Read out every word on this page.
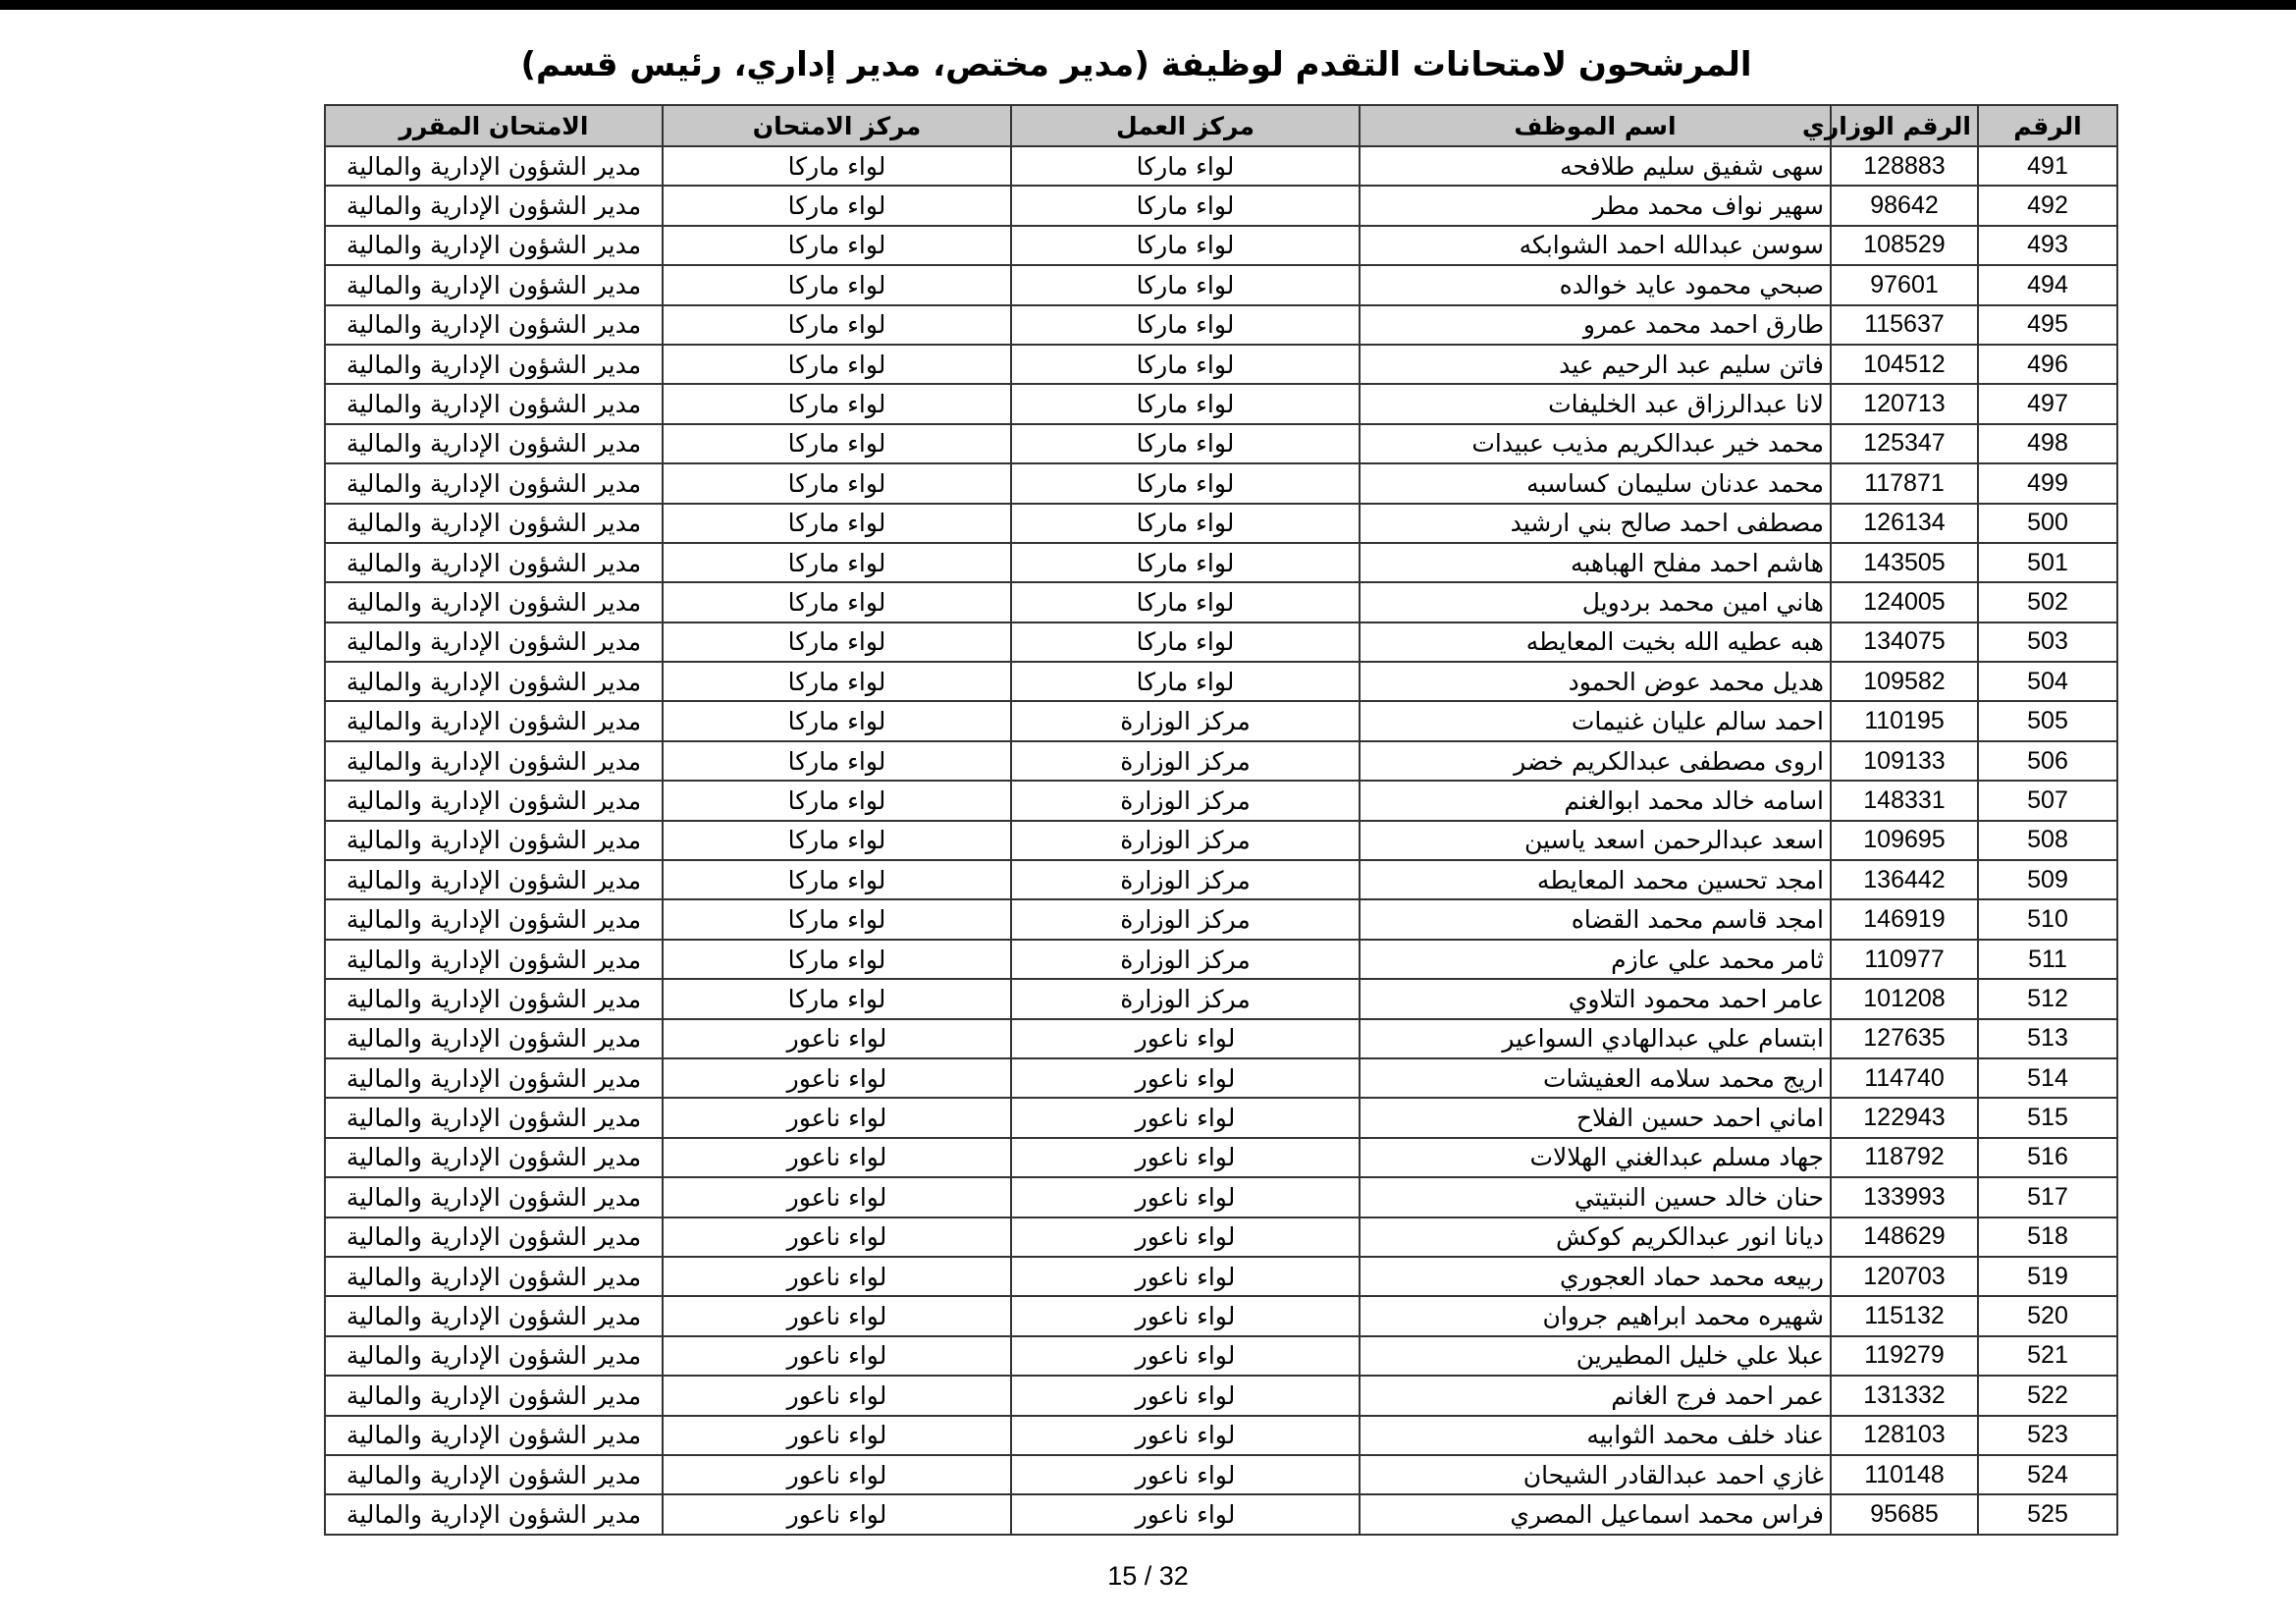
المرشحون لامتحانات التقدم لوظيفة (مدير مختص، مدير إداري، رئيس قسم)
الرقم	الرقم الوزاري	اسم الموظف	مركز العمل	مركز الامتحان	الامتحان المقرر
491	128883	سهى شفيق سليم طلافحه	لواء ماركا	لواء ماركا	مدير الشؤون الإدارية والمالية
492	98642	سهير نواف محمد مطر	لواء ماركا	لواء ماركا	مدير الشؤون الإدارية والمالية
493	108529	سوسن عبدالله احمد الشوابكه	لواء ماركا	لواء ماركا	مدير الشؤون الإدارية والمالية
494	97601	صبحي محمود عايد خوالده	لواء ماركا	لواء ماركا	مدير الشؤون الإدارية والمالية
495	115637	طارق احمد محمد عمرو	لواء ماركا	لواء ماركا	مدير الشؤون الإدارية والمالية
496	104512	فاتن سليم عبد الرحيم عيد	لواء ماركا	لواء ماركا	مدير الشؤون الإدارية والمالية
497	120713	لانا عبدالرزاق عبد الخليفات	لواء ماركا	لواء ماركا	مدير الشؤون الإدارية والمالية
498	125347	محمد خير عبدالكريم مذيب عبيدات	لواء ماركا	لواء ماركا	مدير الشؤون الإدارية والمالية
499	117871	محمد عدنان سليمان كساسبه	لواء ماركا	لواء ماركا	مدير الشؤون الإدارية والمالية
500	126134	مصطفى احمد صالح بني ارشيد	لواء ماركا	لواء ماركا	مدير الشؤون الإدارية والمالية
501	143505	هاشم احمد مفلح الهباهبه	لواء ماركا	لواء ماركا	مدير الشؤون الإدارية والمالية
502	124005	هاني امين محمد بردويل	لواء ماركا	لواء ماركا	مدير الشؤون الإدارية والمالية
503	134075	هبه عطيه الله بخيت المعايطه	لواء ماركا	لواء ماركا	مدير الشؤون الإدارية والمالية
504	109582	هديل محمد عوض الحمود	لواء ماركا	لواء ماركا	مدير الشؤون الإدارية والمالية
505	110195	احمد سالم عليان غنيمات	مركز الوزارة	لواء ماركا	مدير الشؤون الإدارية والمالية
506	109133	اروى مصطفى عبدالكريم خضر	مركز الوزارة	لواء ماركا	مدير الشؤون الإدارية والمالية
507	148331	اسامه خالد محمد ابوالغنم	مركز الوزارة	لواء ماركا	مدير الشؤون الإدارية والمالية
508	109695	اسعد عبدالرحمن اسعد ياسين	مركز الوزارة	لواء ماركا	مدير الشؤون الإدارية والمالية
509	136442	امجد تحسين محمد المعايطه	مركز الوزارة	لواء ماركا	مدير الشؤون الإدارية والمالية
510	146919	امجد قاسم محمد القضاه	مركز الوزارة	لواء ماركا	مدير الشؤون الإدارية والمالية
511	110977	ثامر محمد علي عازم	مركز الوزارة	لواء ماركا	مدير الشؤون الإدارية والمالية
512	101208	عامر احمد محمود التلاوي	مركز الوزارة	لواء ماركا	مدير الشؤون الإدارية والمالية
513	127635	ابتسام علي عبدالهادي السواعير	لواء ناعور	لواء ناعور	مدير الشؤون الإدارية والمالية
514	114740	اريج محمد سلامه العفيشات	لواء ناعور	لواء ناعور	مدير الشؤون الإدارية والمالية
515	122943	اماني احمد حسين الفلاح	لواء ناعور	لواء ناعور	مدير الشؤون الإدارية والمالية
516	118792	جهاد مسلم عبدالغني الهلالات	لواء ناعور	لواء ناعور	مدير الشؤون الإدارية والمالية
517	133993	حنان خالد حسين النبتيتي	لواء ناعور	لواء ناعور	مدير الشؤون الإدارية والمالية
518	148629	ديانا انور عبدالكريم كوكش	لواء ناعور	لواء ناعور	مدير الشؤون الإدارية والمالية
519	120703	ربيعه محمد حماد العجوري	لواء ناعور	لواء ناعور	مدير الشؤون الإدارية والمالية
520	115132	شهيره محمد ابراهيم جروان	لواء ناعور	لواء ناعور	مدير الشؤون الإدارية والمالية
521	119279	عبلا علي خليل المطيرين	لواء ناعور	لواء ناعور	مدير الشؤون الإدارية والمالية
522	131332	عمر احمد فرج الغانم	لواء ناعور	لواء ناعور	مدير الشؤون الإدارية والمالية
523	128103	عناد خلف محمد الثوابيه	لواء ناعور	لواء ناعور	مدير الشؤون الإدارية والمالية
524	110148	غازي احمد عبدالقادر الشيحان	لواء ناعور	لواء ناعور	مدير الشؤون الإدارية والمالية
525	95685	فراس محمد اسماعيل المصري	لواء ناعور	لواء ناعور	مدير الشؤون الإدارية والمالية
15 / 32
